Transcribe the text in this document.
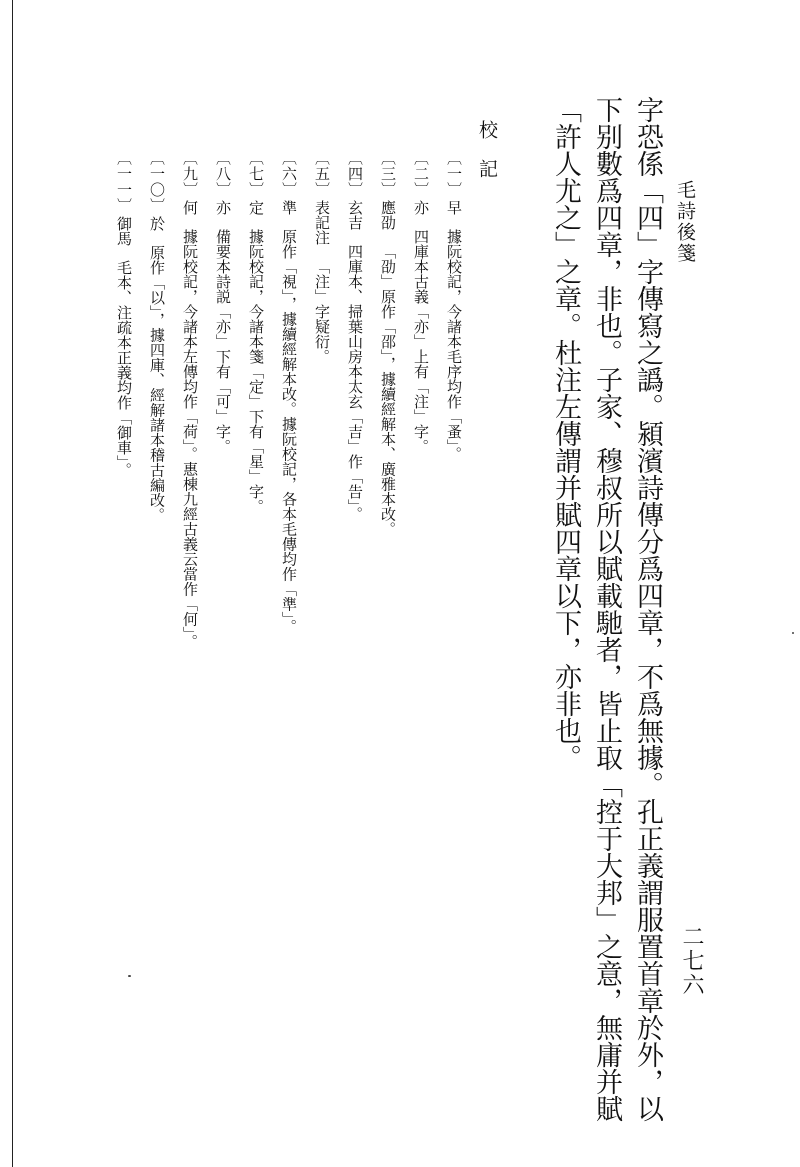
毛詩後箋
字恐係「四」字傳寫之譌。潁濱詩傳分爲四章，不爲無據。孔正義謂服置首章於外，以
下别數爲四章，非也。子家、穆叔所以賦載馳者，皆止取「控于大邦」之意，無庸并賦
「許人尤之」之章。杜注左傳謂并賦四章以下，亦非也。
校記
〔一〕早據阮校記，今諸本毛序均作「蚤」。
〔二〕亦四庫本古義「亦」上有「注」字。
〔三〕應劭「劭」原作「邵」，據續經解本、廣雅本改。
〔四〕玄吉四庫本、掃葉山房本太玄「吉」作「告」。
〔五〕表記注「注」字疑衍。
〔六〕準原作「視」，據續經解本改。據阮校記，各本毛傳均作「準」。
〔七〕定據阮校記，今諸本箋「定」下有「星」字。
〔八〕亦備要本詩説「亦」下有「可」字。
〔九〕何據阮校記，今諸本左傳均作「荷」。惠棟九經古義云當作「何」。
〔一〇〕於原作「以」，據四庫、經解諸本稽古編改。
〔一一〕御馬毛本、注疏本正義均作「御車」。
二七六
